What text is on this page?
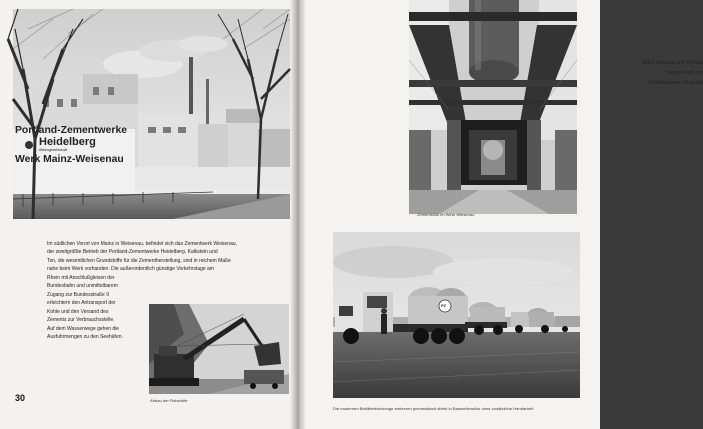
Portland-Zementwerke
Heidelberg
Aktiengesellschaft
Werk Mainz-Weisenau
Im südlichen Vorort von Mainz in Weisenau, befindet sich das Zementwerk Weisenau,
der zweitgrößte Betrieb der Portland-Zementwerke Heidelberg. Kalkstein und
Ton, die wesentlichen Grundstoffe für die Zementherstellung, sind in reichem Maße
nahe beim Werk vorhanden. Die außerordentlich günstige Verkehrslage am
Rhein mit Anschlußgleisen der
Bundesbahn und unmittelbarem
Zugang zur Bundesstraße 9
erleichtern den Antransport der
Kohle und den Versand des
Zements zur Verbrauchsstelle.
Auf dem Wasserwege gehen die
Ausfuhrmengen zu den Seehäfen.
Abbau der Rohstoffe
30
Auch Industrie und Technik
tragen heute zur
Schönheit einer Stadt bei
Zementsilos im Werk Weisenau
PZ
Die modernen Behälterfahrzeuge entleeren pneumatisch direkt in Baustellensilos ohne zusätzliche Handarbeit
